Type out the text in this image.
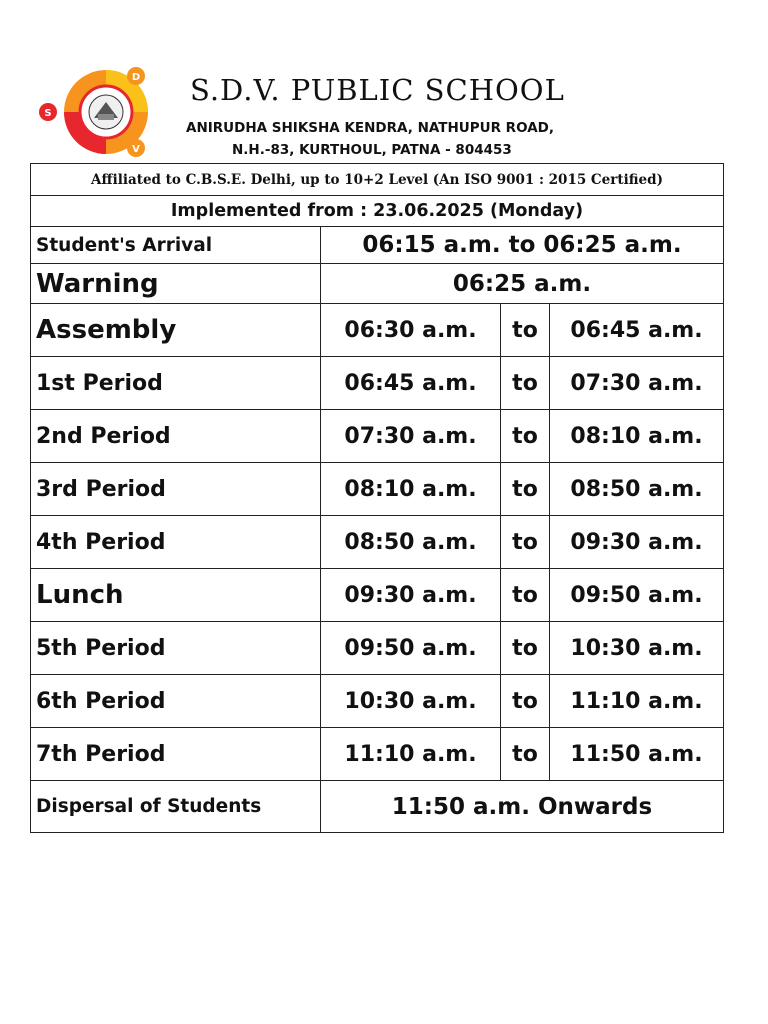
S
D
V
S.D.V. PUBLIC SCHOOL
ANIRUDHA SHIKSHA KENDRA, NATHUPUR ROAD,
N.H.-83, KURTHOUL, PATNA - 804453
Affiliated to C.B.S.E. Delhi, up to 10+2 Level (An ISO 9001 : 2015 Certified)
Implemented from : 23.06.2025 (Monday)
Student's Arrival	06:15 a.m. to 06:25 a.m.
Warning	06:25 a.m.
Assembly	06:30 a.m.	to	06:45 a.m.
1st Period	06:45 a.m.	to	07:30 a.m.
2nd Period	07:30 a.m.	to	08:10 a.m.
3rd Period	08:10 a.m.	to	08:50 a.m.
4th Period	08:50 a.m.	to	09:30 a.m.
Lunch	09:30 a.m.	to	09:50 a.m.
5th Period	09:50 a.m.	to	10:30 a.m.
6th Period	10:30 a.m.	to	11:10 a.m.
7th Period	11:10 a.m.	to	11:50 a.m.
Dispersal of Students	11:50 a.m. Onwards
